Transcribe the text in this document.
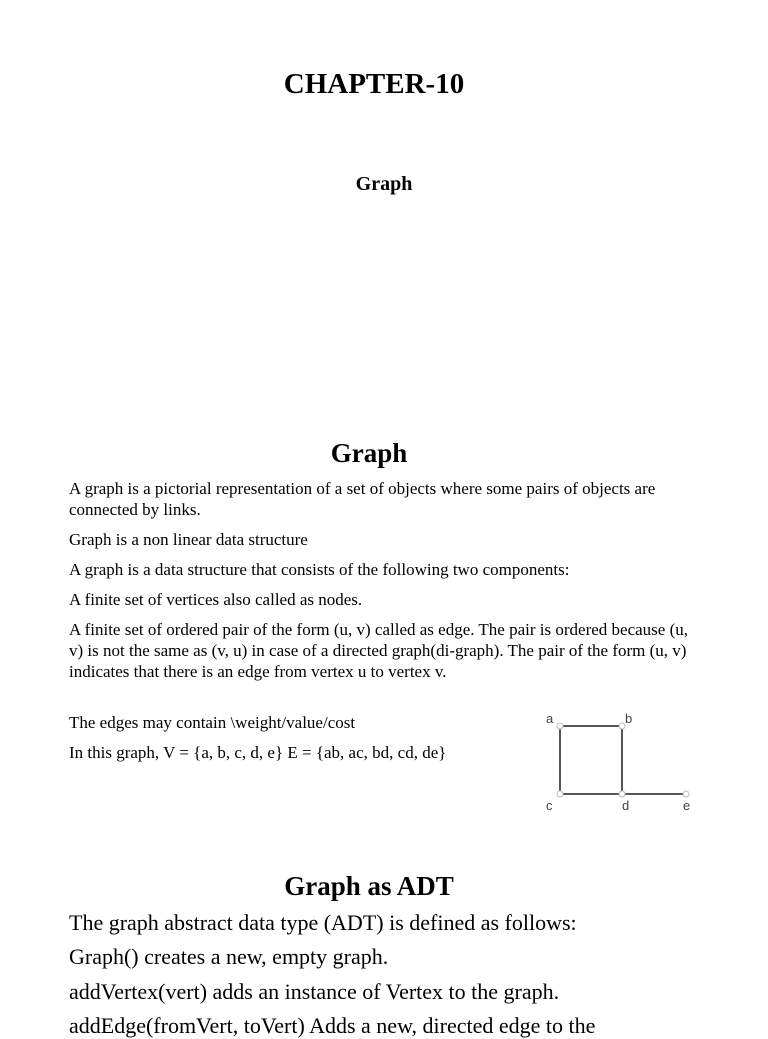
CHAPTER-10
Graph
Graph
A graph is a pictorial representation of a set of objects where some pairs of objects are connected by links.
Graph is a non linear data structure
A graph is a data structure that consists of the following two components:
A finite set of vertices also called as nodes.
A finite set of ordered pair of the form (u, v) called as edge. The pair is ordered because (u, v) is not the same as (v, u) in case of a directed graph(di-graph). The pair of the form (u, v) indicates that there is an edge from vertex u to vertex v.
The edges may contain \weight/value/cost
In this graph, V = {a, b, c, d, e} E = {ab, ac, bd, cd, de}
a	b
c	d	e
Graph as ADT
The graph abstract data type (ADT) is defined as follows:
Graph() creates a new, empty graph.
addVertex(vert) adds an instance of Vertex to the graph.
addEdge(fromVert, toVert) Adds a new, directed edge to the
